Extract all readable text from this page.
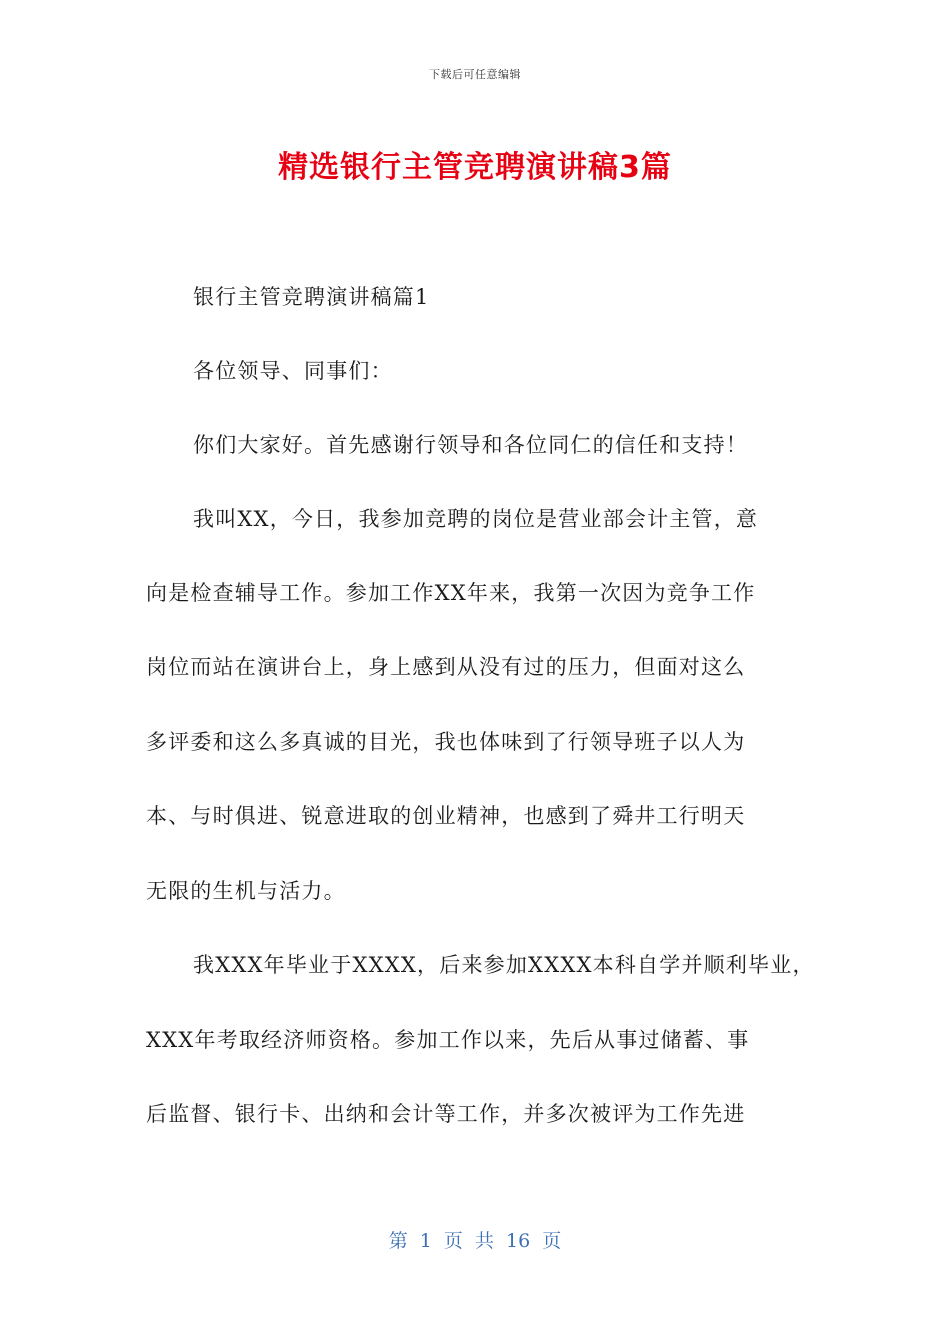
下载后可任意编辑
精选银行主管竞聘演讲稿3篇
银行主管竞聘演讲稿篇1
各位领导、同事们：
你们大家好。首先感谢行领导和各位同仁的信任和支持！
我叫XX，今日，我参加竞聘的岗位是营业部会计主管，意
向是检查辅导工作。参加工作XX年来，我第一次因为竞争工作
岗位而站在演讲台上，身上感到从没有过的压力，但面对这么
多评委和这么多真诚的目光，我也体味到了行领导班子以人为
本、与时俱进、锐意进取的创业精神，也感到了舜井工行明天
无限的生机与活力。
我XXX年毕业于XXXX，后来参加XXXX本科自学并顺利毕业，
XXX年考取经济师资格。参加工作以来，先后从事过储蓄、事
后监督、银行卡、出纳和会计等工作，并多次被评为工作先进
第 1 页 共 16 页
